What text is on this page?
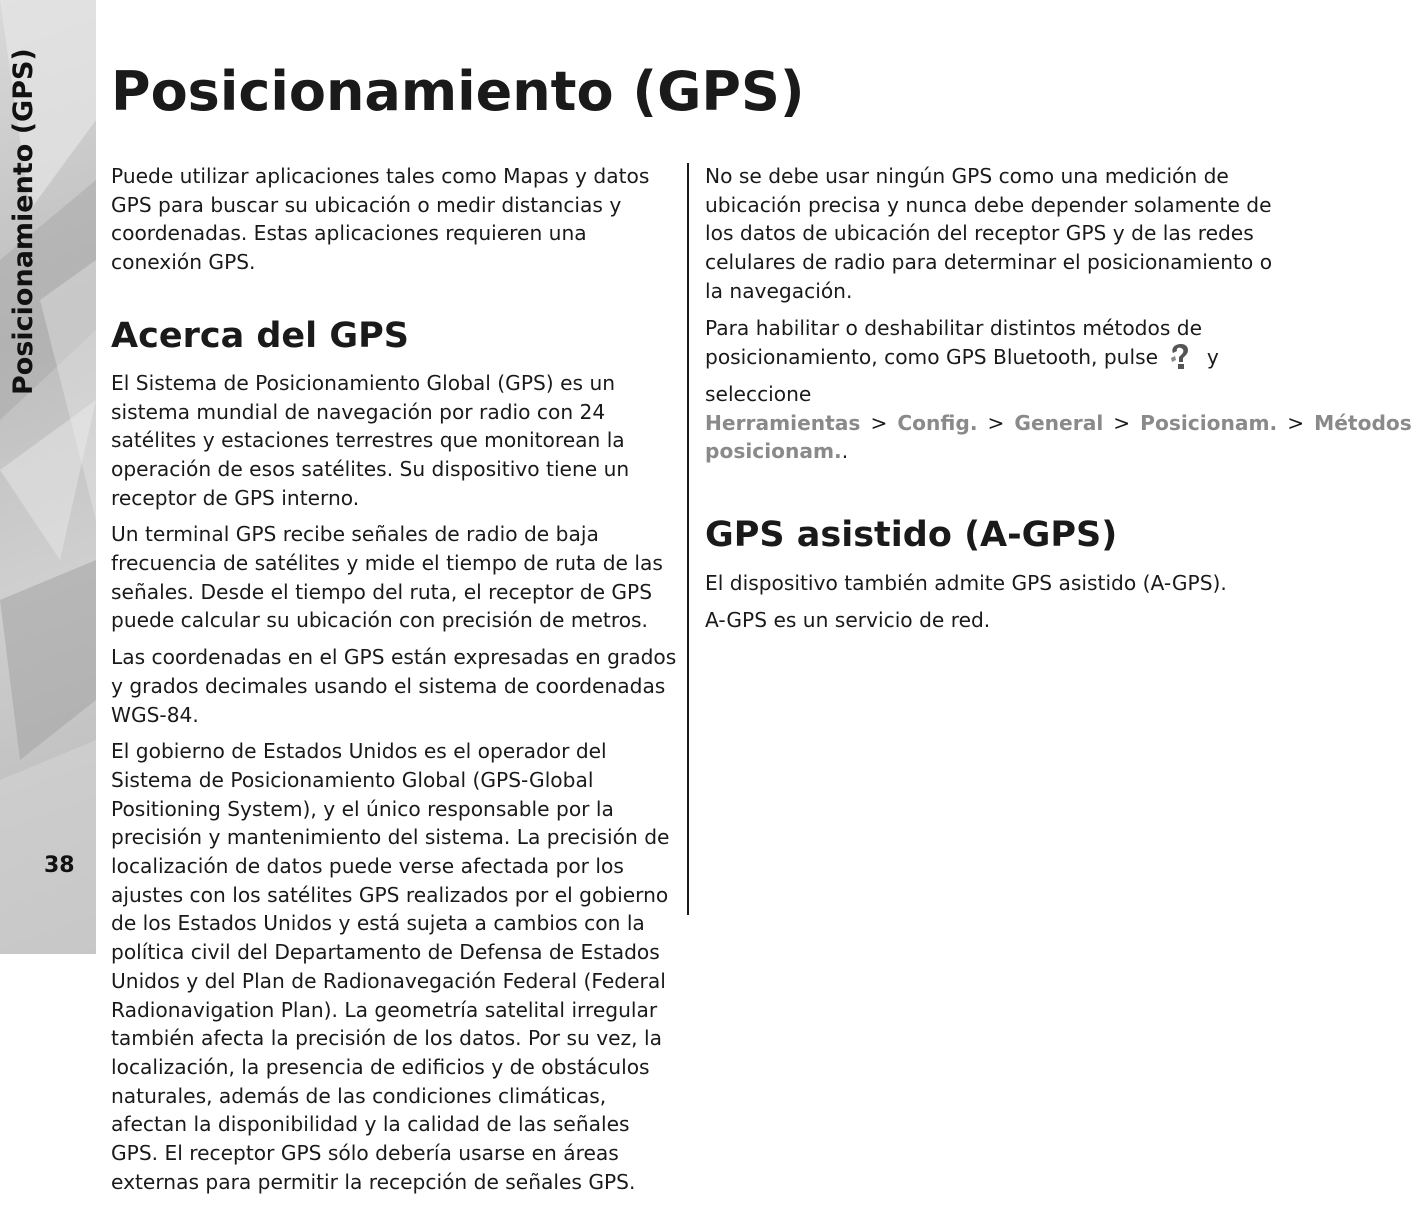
Posicionamiento (GPS)
38
Posicionamiento (GPS)

Puede utilizar aplicaciones tales como Mapas y datos GPS para buscar su ubicación o medir distancias y coordenadas. Estas aplicaciones requieren una conexión GPS.

Acerca del GPS

El Sistema de Posicionamiento Global (GPS) es un sistema mundial de navegación por radio con 24 satélites y estaciones terrestres que monitorean la operación de esos satélites. Su dispositivo tiene un receptor de GPS interno.

Un terminal GPS recibe señales de radio de baja frecuencia de satélites y mide el tiempo de ruta de las señales. Desde el tiempo del ruta, el receptor de GPS puede calcular su ubicación con precisión de metros.

Las coordenadas en el GPS están expresadas en grados y grados decimales usando el sistema de coordenadas WGS-84.

El gobierno de Estados Unidos es el operador del Sistema de Posicionamiento Global (GPS-Global Positioning System), y el único responsable por la precisión y mantenimiento del sistema. La precisión de localización de datos puede verse afectada por los ajustes con los satélites GPS realizados por el gobierno de los Estados Unidos y está sujeta a cambios con la política civil del Departamento de Defensa de Estados Unidos y del Plan de Radionavegación Federal (Federal Radionavigation Plan). La geometría satelital irregular también afecta la precisión de los datos. Por su vez, la localización, la presencia de edificios y de obstáculos naturales, además de las condiciones climáticas, afectan la disponibilidad y la calidad de las señales GPS. El receptor GPS sólo debería usarse en áreas externas para permitir la recepción de señales GPS.

No se debe usar ningún GPS como una medición de ubicación precisa y nunca debe depender solamente de los datos de ubicación del receptor GPS y de las redes celulares de radio para determinar el posicionamiento o la navegación.

Para habilitar o deshabilitar distintos métodos de posicionamiento, como GPS Bluetooth, pulse y seleccione Herramientas > Config. > General > Posicionam. > Métodos posicionam..

GPS asistido (A-GPS)

El dispositivo también admite GPS asistido (A-GPS).

A-GPS es un servicio de red.
